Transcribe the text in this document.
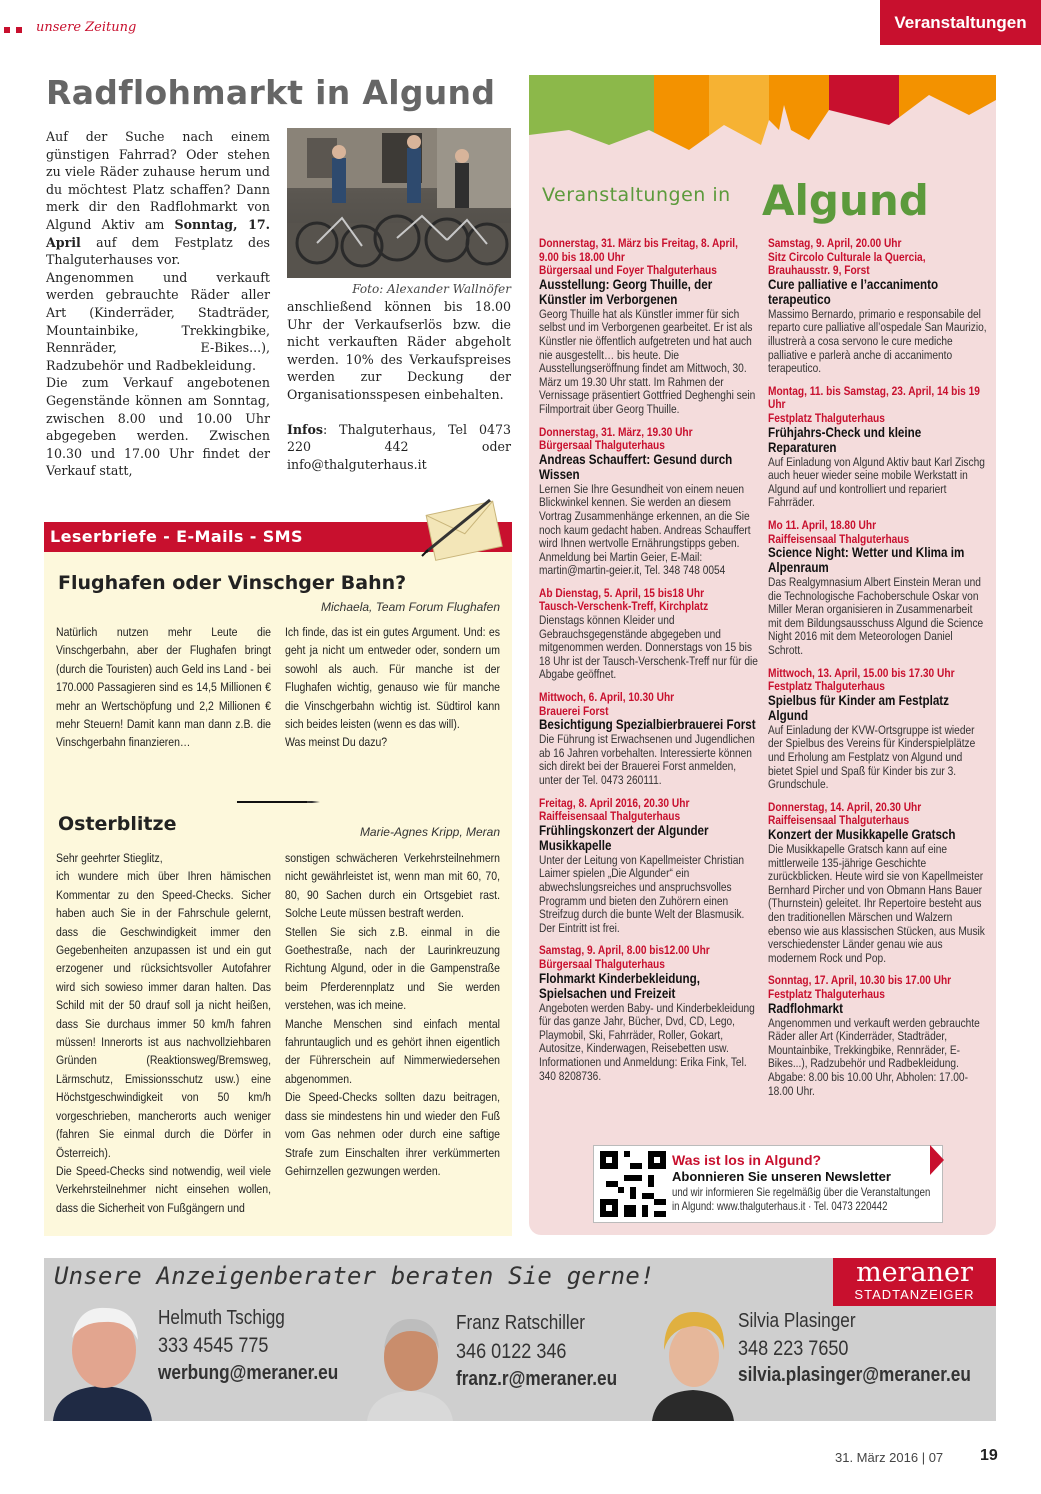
unsere Zeitung	Veranstaltungen
Radflohmarkt in Algund
Auf der Suche nach einem günstigen Fahrrad? Oder stehen zu viele Räder zuhause herum und du möchtest Platz schaffen? Dann merk dir den Radflohmarkt von Algund Aktiv am Sonntag, 17. April auf dem Festplatz des Thalguterhauses vor.
Angenommen und verkauft werden gebrauchte Räder aller Art (Kinderräder, Stadträder, Mountainbike, Trekkingbike, Rennräder, E-Bikes...), Radzubehör und Radbekleidung.
Die zum Verkauf angebotenen Gegenstände können am Sonntag, zwischen 8.00 und 10.00 Uhr abgegeben werden. Zwischen 10.30 und 17.00 Uhr findet der Verkauf statt,
Foto: Alexander Wallnöfer
anschließend können bis 18.00 Uhr der Verkaufserlös bzw. die nicht verkauften Räder abgeholt werden. 10% des Verkaufspreises werden zur Deckung der Organisationsspesen einbehalten.
Infos: Thalguterhaus, Tel 0473 220 442 oder info@thalguterhaus.it
Leserbriefe - E-Mails - SMS
Flughafen oder Vinschger Bahn?
Michaela, Team Forum Flughafen
Natürlich nutzen mehr Leute die Vinschgerbahn, aber der Flughafen bringt (durch die Touristen) auch Geld ins Land - bei 170.000 Passagieren sind es 14,5 Millionen € mehr an Wertschöpfung und 2,2 Millionen € mehr Steuern! Damit kann man dann z.B. die Vinschgerbahn finanzieren…
Ich finde, das ist ein gutes Argument. Und: es geht ja nicht um entweder oder, sondern um sowohl als auch. Für manche ist der Flughafen wichtig, genauso wie für manche die Vinschgerbahn wichtig ist. Südtirol kann sich beides leisten (wenn es das will).
Was meinst Du dazu?
Osterblitze	Marie-Agnes Kripp, Meran
Sehr geehrter Stieglitz,
ich wundere mich über Ihren hämischen Kommentar zu den Speed-Checks. Sicher haben auch Sie in der Fahrschule gelernt, dass die Geschwindigkeit immer den Gegebenheiten anzupassen ist und ein gut erzogener und rücksichtsvoller Autofahrer wird sich sowieso immer daran halten. Das Schild mit der 50 drauf soll ja nicht heißen, dass Sie durchaus immer 50 km/h fahren müssen! Innerorts ist aus nachvollziehbaren Gründen (Reaktionsweg/Bremsweg, Lärmschutz, Emissionsschutz usw.) eine Höchstgeschwindigkeit von 50 km/h vorgeschrieben, mancherorts auch weniger (fahren Sie einmal durch die Dörfer in Österreich).
Die Speed-Checks sind notwendig, weil viele Verkehrsteilnehmer nicht einsehen wollen, dass die Sicherheit von Fußgängern und
sonstigen schwächeren Verkehrsteilnehmern nicht gewährleistet ist, wenn man mit 60, 70, 80, 90 Sachen durch ein Ortsgebiet rast. Solche Leute müssen bestraft werden.
Stellen Sie sich z.B. einmal in die Goethestraße, nach der Laurinkreuzung Richtung Algund, oder in die Gampenstraße beim Pferderennplatz und Sie werden verstehen, was ich meine.
Manche Menschen sind einfach mental fahruntauglich und es gehört ihnen eigentlich der Führerschein auf Nimmerwiedersehen abgenommen.
Die Speed-Checks sollten dazu beitragen, dass sie mindestens hin und wieder den Fuß vom Gas nehmen oder durch eine saftige Strafe zum Einschalten ihrer verkümmerten Gehirnzellen gezwungen werden.
Veranstaltungen in Algund
Donnerstag, 31. März bis Freitag, 8. April, 9.00 bis 18.00 Uhr
Bürgersaal und Foyer Thalguterhaus
Ausstellung: Georg Thuille, der Künstler im Verborgenen
Georg Thuille hat als Künstler immer für sich selbst und im Verborgenen gearbeitet. Er ist als Künstler nie öffentlich aufgetreten und hat auch nie ausgestellt… bis heute. Die Ausstellungseröffnung findet am Mittwoch, 30. März um 19.30 Uhr statt. Im Rahmen der Vernissage präsentiert Gottfried Deghenghi sein Filmportrait über Georg Thuille.
Donnerstag, 31. März, 19.30 Uhr
Bürgersaal Thalguterhaus
Andreas Schauffert: Gesund durch Wissen
Lernen Sie Ihre Gesundheit von einem neuen Blickwinkel kennen. Sie werden an diesem Vortrag Zusammenhänge erkennen, an die Sie noch kaum gedacht haben. Andreas Schauffert wird Ihnen wertvolle Ernährungstipps geben.
Anmeldung bei Martin Geier, E-Mail: martin@martin-geier.it, Tel. 348 748 0054
Ab Dienstag, 5. April, 15 bis18 Uhr
Tausch-Verschenk-Treff, Kirchplatz
Dienstags können Kleider und Gebrauchsgegenstände abgegeben und mitgenommen werden. Donnerstags von 15 bis 18 Uhr ist der Tausch-Verschenk-Treff nur für die Abgabe geöffnet.
Mittwoch, 6. April, 10.30 Uhr
Brauerei Forst
Besichtigung Spezialbierbrauerei Forst
Die Führung ist Erwachsenen und Jugendlichen ab 16 Jahren vorbehalten. Interessierte können sich direkt bei der Brauerei Forst anmelden, unter der Tel. 0473 260111.
Freitag, 8. April 2016, 20.30 Uhr
Raiffeisensaal Thalguterhaus
Frühlingskonzert der Algunder Musikkapelle
Unter der Leitung von Kapellmeister Christian Laimer spielen „Die Algunder“ ein abwechslungsreiches und anspruchsvolles Programm und bieten den Zuhörern einen Streifzug durch die bunte Welt der Blasmusik. Der Eintritt ist frei.
Samstag, 9. April, 8.00 bis12.00 Uhr
Bürgersaal Thalguterhaus
Flohmarkt Kinderbekleidung, Spielsachen und Freizeit
Angeboten werden Baby- und Kinderbekleidung für das ganze Jahr, Bücher, Dvd, CD, Lego, Playmobil, Ski, Fahrräder, Roller, Gokart, Autositze, Kinderwagen, Reisebetten usw. Informationen und Anmeldung: Erika Fink, Tel. 340 8208736.
Samstag, 9. April, 20.00 Uhr
Sitz Circolo Culturale la Quercia, Brauhausstr. 9, Forst
Cure palliative e l’accanimento terapeutico
Massimo Bernardo, primario e responsabile del reparto cure palliative all’ospedale San Maurizio, illustrerà a cosa servono le cure mediche palliative e parlerà anche di accanimento terapeutico.
Montag, 11. bis Samstag, 23. April, 14 bis 19 Uhr
Festplatz Thalguterhaus
Frühjahrs-Check und kleine Reparaturen
Auf Einladung von Algund Aktiv baut Karl Zischg auch heuer wieder seine mobile Werkstatt in Algund auf und kontrolliert und repariert Fahrräder.
Mo 11. April, 18.80 Uhr
Raiffeisensaal Thalguterhaus
Science Night: Wetter und Klima im Alpenraum
Das Realgymnasium Albert Einstein Meran und die Technologische Fachoberschule Oskar von Miller Meran organisieren in Zusammenarbeit mit dem Bildungsausschuss Algund die Science Night 2016 mit dem Meteorologen Daniel Schrott.
Mittwoch, 13. April, 15.00 bis 17.30 Uhr
Festplatz Thalguterhaus
Spielbus für Kinder am Festplatz Algund
Auf Einladung der KVW-Ortsgruppe ist wieder der Spielbus des Vereins für Kinderspielplätze und Erholung am Festplatz von Algund und bietet Spiel und Spaß für Kinder bis zur 3. Grundschule.
Donnerstag, 14. April, 20.30 Uhr
Raiffeisensaal Thalguterhaus
Konzert der Musikkapelle Gratsch
Die Musikkapelle Gratsch kann auf eine mittlerweile 135-jährige Geschichte zurückblicken. Heute wird sie von Kapellmeister Bernhard Pircher und von Obmann Hans Bauer (Thurnstein) geleitet. Ihr Repertoire besteht aus den traditionellen Märschen und Walzern ebenso wie aus klassischen Stücken, aus Musik verschiedenster Länder genau wie aus modernem Rock und Pop.
Sonntag, 17. April, 10.30 bis 17.00 Uhr
Festplatz Thalguterhaus
Radflohmarkt
Angenommen und verkauft werden gebrauchte Räder aller Art (Kinderräder, Stadträder, Mountainbike, Trekkingbike, Rennräder, E-Bikes...), Radzubehör und Radbekleidung. Abgabe: 8.00 bis 10.00 Uhr, Abholen: 17.00-18.00 Uhr.
Was ist los in Algund?
Abonnieren Sie unseren Newsletter
und wir informieren Sie regelmäßig über die Veranstaltungen in Algund: www.thalguterhaus.it · Tel. 0473 220442
Unsere Anzeigenberater beraten Sie gerne!	meraner
STADTANZEIGER
Helmuth Tschigg
333 4545 775
werbung@meraner.eu
Franz Ratschiller
346 0122 346
franz.r@meraner.eu
Silvia Plasinger
348 223 7650
silvia.plasinger@meraner.eu
31. März 2016 | 07 19
